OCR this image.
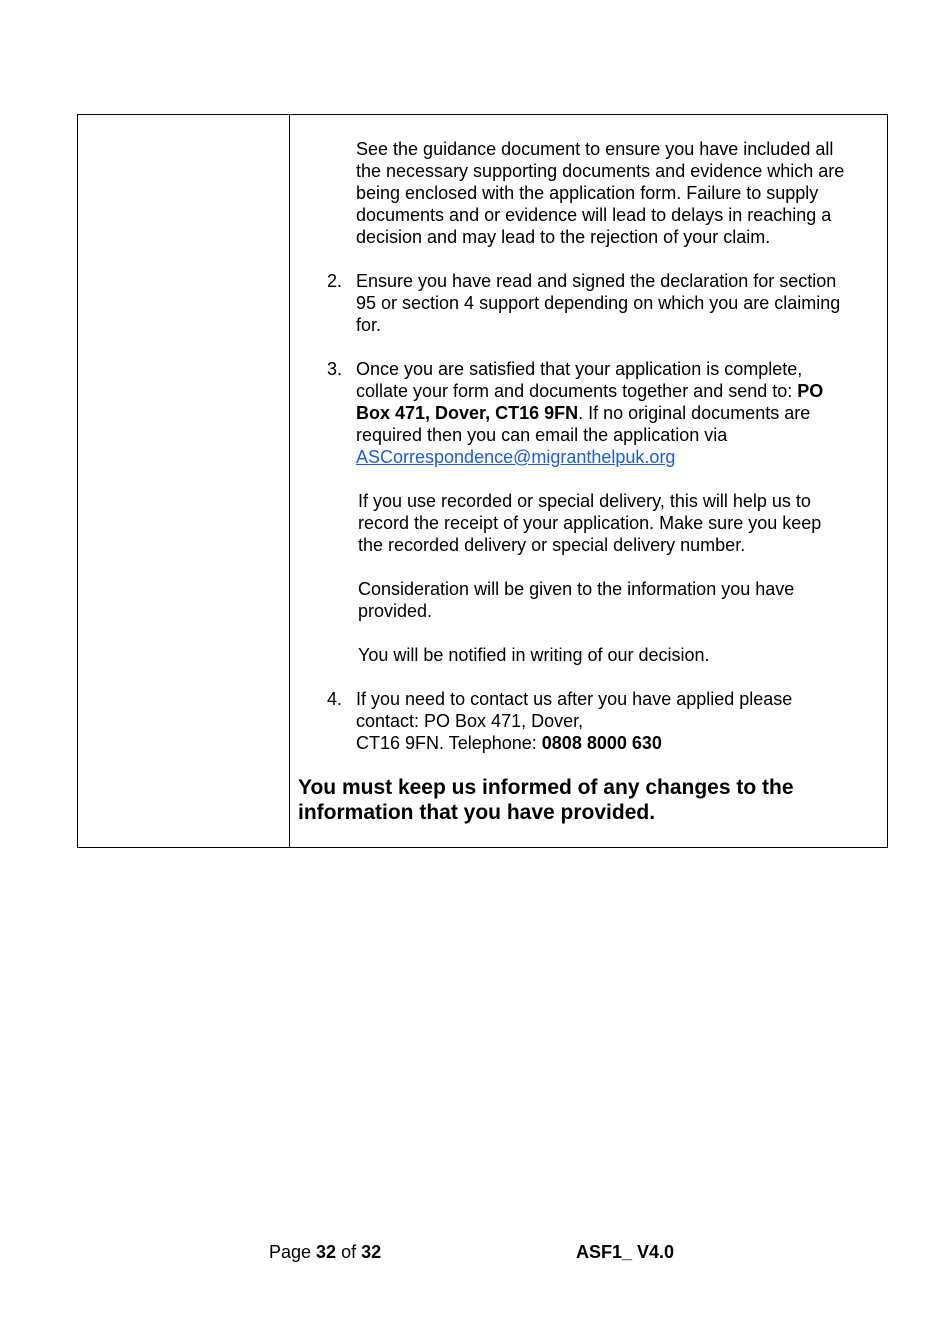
See the guidance document to ensure you have included all
the necessary supporting documents and evidence which are
being enclosed with the application form. Failure to supply
documents and or evidence will lead to delays in reaching a
decision and may lead to the rejection of your claim.
2. Ensure you have read and signed the declaration for section
95 or section 4 support depending on which you are claiming
for.
3. Once you are satisfied that your application is complete,
collate your form and documents together and send to: PO
Box 471, Dover, CT16 9FN. If no original documents are
required then you can email the application via
ASCorrespondence@migranthelpuk.org
If you use recorded or special delivery, this will help us to
record the receipt of your application. Make sure you keep
the recorded delivery or special delivery number.
Consideration will be given to the information you have
provided.
You will be notified in writing of our decision.
4. If you need to contact us after you have applied please
contact: PO Box 471, Dover,
CT16 9FN. Telephone: 0808 8000 630
You must keep us informed of any changes to the
information that you have provided.
Page 32 of 32	ASF1_ V4.0
